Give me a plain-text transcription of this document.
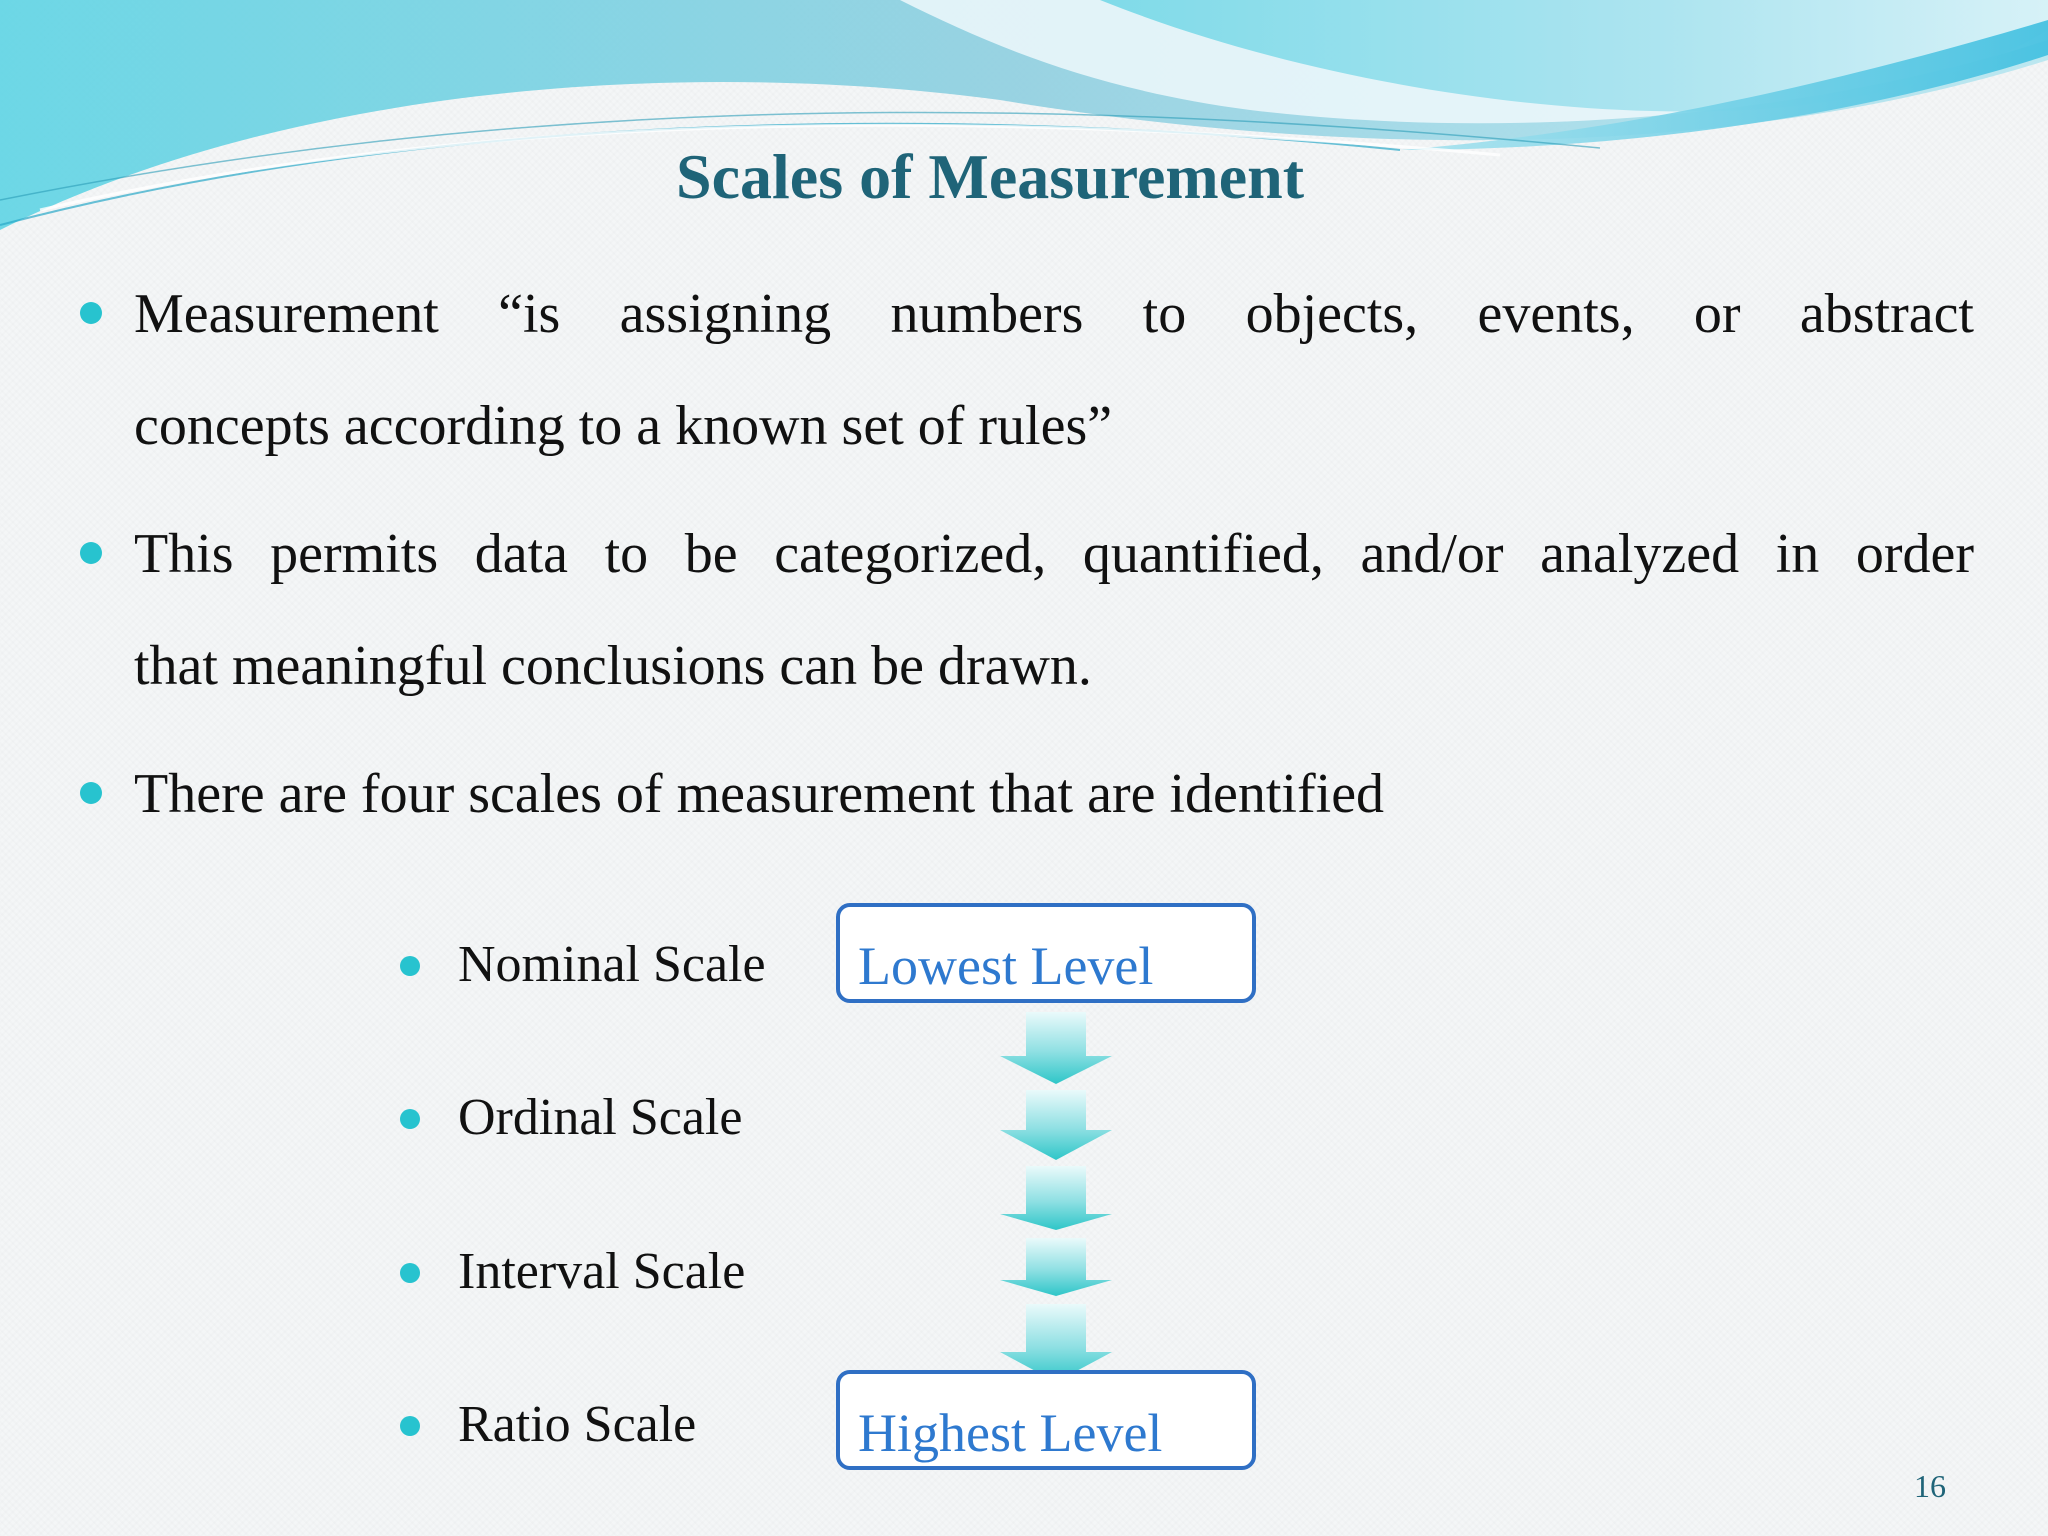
Scales of Measurement
Measurement “is assigning numbers to objects, events, or abstract
concepts according to a known set of rules”
This permits data to be categorized, quantified, and/or analyzed in order
that meaningful conclusions can be drawn.
There are four scales of measurement that are identified
Nominal Scale
Ordinal Scale
Interval Scale
Ratio Scale
Lowest Level
Highest Level
16
